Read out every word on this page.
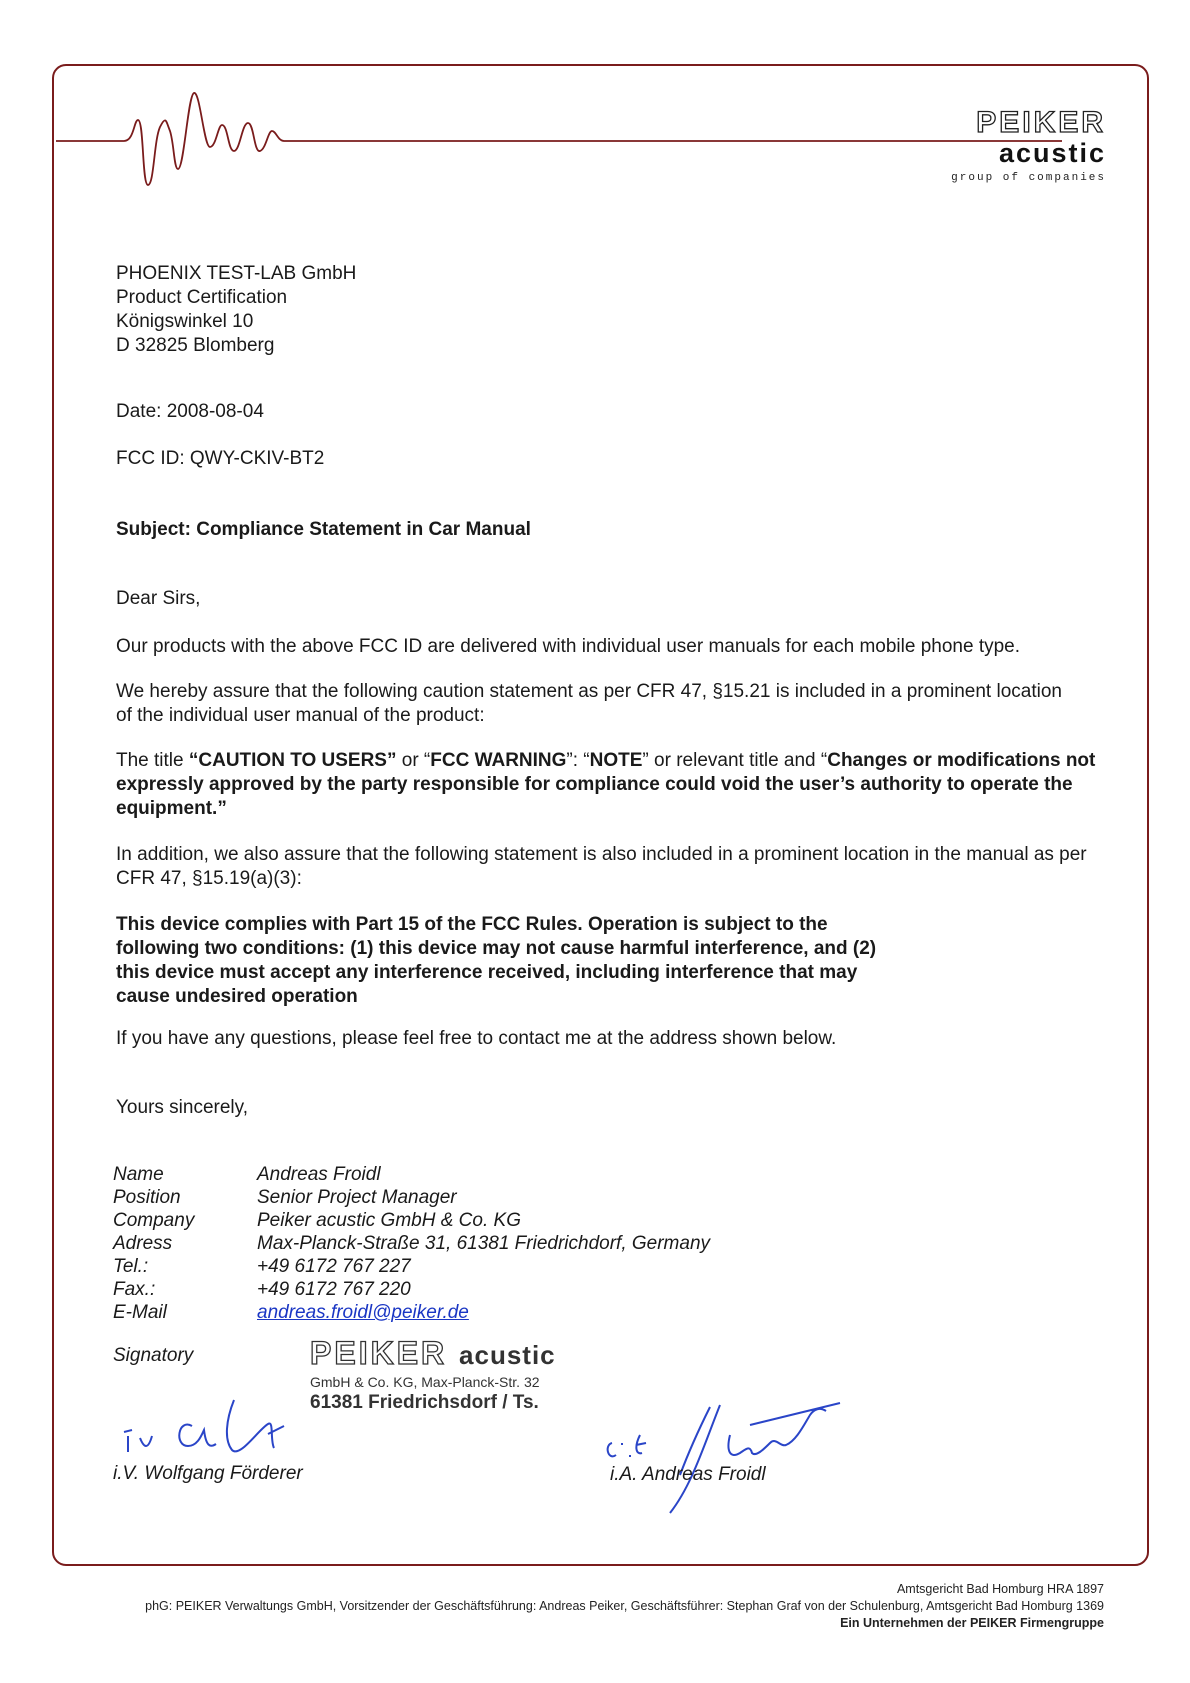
PEIKER
acustic
group of companies
PHOENIX TEST-LAB GmbH
Product Certification
Königswinkel 10
D 32825 Blomberg

Date: 2008-08-04

FCC ID: QWY-CKIV-BT2

Subject: Compliance Statement in Car Manual

Dear Sirs,

Our products with the above FCC ID are delivered with individual user manuals for each mobile phone type.

We hereby assure that the following caution statement as per CFR 47, §15.21 is included in a prominent location of the individual user manual of the product:

The title “CAUTION TO USERS” or “FCC WARNING”: “NOTE” or relevant title and “Changes or modifications not expressly approved by the party responsible for compliance could void the user’s authority to operate the equipment.”

In addition, we also assure that the following statement is also included in a prominent location in the manual as per CFR 47, §15.19(a)(3):

This device complies with Part 15 of the FCC Rules. Operation is subject to the following two conditions: (1) this device may not cause harmful interference, and (2) this device must accept any interference received, including interference that may cause undesired operation

If you have any questions, please feel free to contact me at the address shown below.

Yours sincerely,

Name	Andreas Froidl
Position	Senior Project Manager
Company	Peiker acustic GmbH & Co. KG
Adress	Max-Planck-Straße 31, 61381 Friedrichdorf, Germany
Tel.:	+49 6172 767 227
Fax.:	+49 6172 767 220
E-Mail	andreas.froidl@peiker.de
Signatory	PEIKER acustic
GmbH & Co. KG, Max-Planck-Str. 32
61381 Friedrichsdorf / Ts.
i.V. Wolfgang Förderer	i.A. Andreas Froidl
Amtsgericht Bad Homburg HRA 1897
phG: PEIKER Verwaltungs GmbH, Vorsitzender der Geschäftsführung: Andreas Peiker, Geschäftsführer: Stephan Graf von der Schulenburg, Amtsgericht Bad Homburg 1369
Ein Unternehmen der PEIKER Firmengruppe
